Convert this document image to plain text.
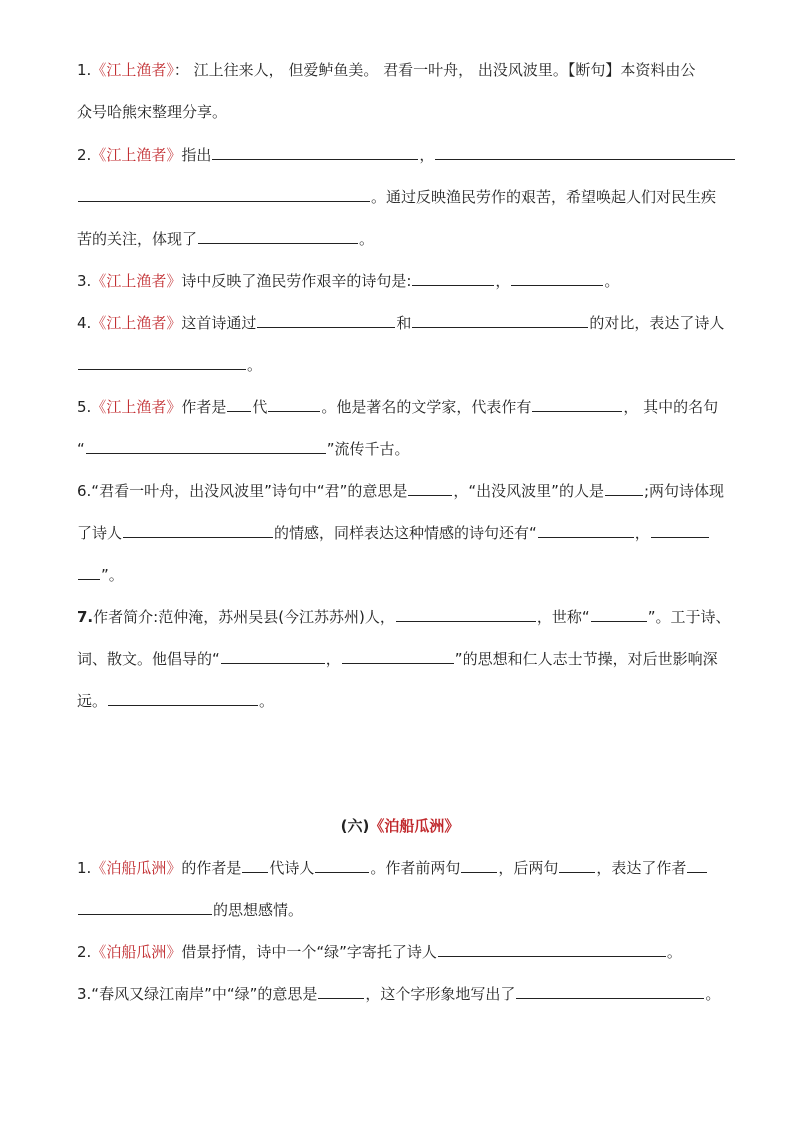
1.《江上渔者》： 江上往来人， 但爱鲈鱼美。 君看一叶舟， 出没风波里。【断句】本资料由公
众号哈熊宋整理分享。
2.《江上渔者》指出	，
。通过反映渔民劳作的艰苦，希望唤起人们对民生疾
苦的关注，体现了	。
3.《江上渔者》诗中反映了渔民劳作艰辛的诗句是:	，	。
4.《江上渔者》这首诗通过	和	的对比，表达了诗人
。
5.《江上渔者》作者是 代	。他是著名的文学家，代表作有	， 其中的名句
“	”流传千古。
6.“君看一叶舟，出没风波里”诗句中“君”的意思是	，“出没风波里”的人是	;两句诗体现
了诗人	的情感，同样表达这种情感的诗句还有“	，
”。
7.作者简介:范仲淹，苏州吴县(今江苏苏州)人，	，世称“	”。工于诗、
词、散文。他倡导的“	，	”的思想和仁人志士节操，对后世影响深
远。	。
(六)《泊船瓜洲》
1.《泊船瓜洲》的作者是 代诗人	。作者前两句	，后两句	，表达了作者
的思想感情。
2.《泊船瓜洲》借景抒情，诗中一个“绿”字寄托了诗人	。
3.“春风又绿江南岸”中“绿”的意思是	，这个字形象地写出了	。
